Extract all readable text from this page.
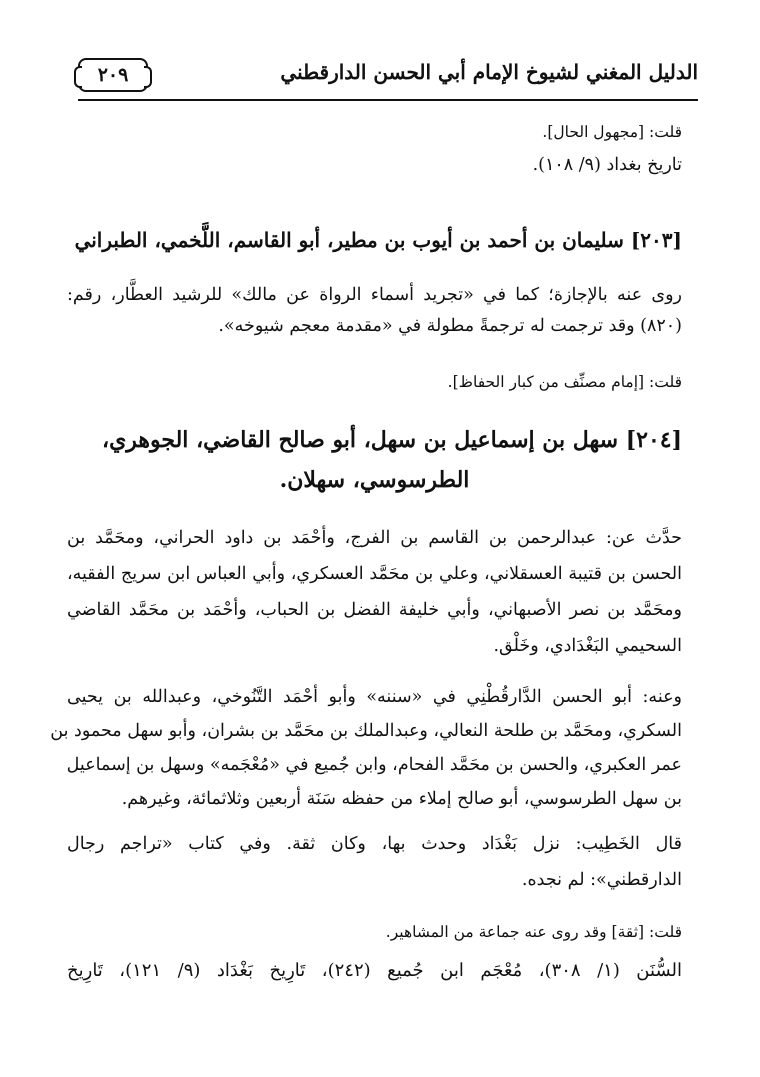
الدليل المغني لشيوخ الإمام أبي الحسن الدارقطني
٢٠٩
قلت: [مجهول الحال].
تاريخ بغداد (٩/ ١٠٨).
[٢٠٣] سليمان بن أحمد بن أيوب بن مطير، أبو القاسم، اللَّخمي، الطبراني
روى عنه بالإجازة؛ كما في «تجريد أسماء الرواة عن مالك» للرشيد العطَّار، رقم:
(٨٢٠) وقد ترجمت له ترجمةً مطولة في «مقدمة معجم شيوخه».
قلت: [إمام مصنِّف من كبار الحفاظ].
[٢٠٤] سهل بن إسماعيل بن سهل، أبو صالح القاضي، الجوهري،
الطرسوسي، سهلان.
حدَّث عن: عبدالرحمن بن القاسم بن الفرج، وأحْمَد بن داود الحراني، ومحَمَّد بن
الحسن بن قتيبة العسقلاني، وعلي بن محَمَّد العسكري، وأبي العباس ابن سريج الفقيه،
ومحَمَّد بن نصر الأصبهاني، وأبي خليفة الفضل بن الحباب، وأحْمَد بن محَمَّد القاضي
السحيمي البَغْدَادي، وخَلْق.
وعنه: أبو الحسن الدَّارقُطْنِي في «سننه» وأبو أحْمَد التَّنُوخي، وعبدالله بن يحيى
السكري، ومحَمَّد بن طلحة النعالي، وعبدالملك بن محَمَّد بن بشران، وأبو سهل محمود بن
عمر العكبري، والحسن بن محَمَّد الفحام، وابن جُميع في «مُعْجَمه» وسهل بن إسماعيل
بن سهل الطرسوسي، أبو صالح إملاء من حفظه سَنَة أربعين وثلاثمائة، وغيرهم.
قال الخَطِيب: نزل بَغْدَاد وحدث بها، وكان ثقة. وفي كتاب «تراجم رجال
الدارقطني»: لم نجده.
قلت: [ثقة] وقد روى عنه جماعة من المشاهير.
السُّنَن (١/ ٣٠٨)، مُعْجَم ابن جُميع (٢٤٢)، تَارِيخ بَغْدَاد (٩/ ١٢١)، تَارِيخ
